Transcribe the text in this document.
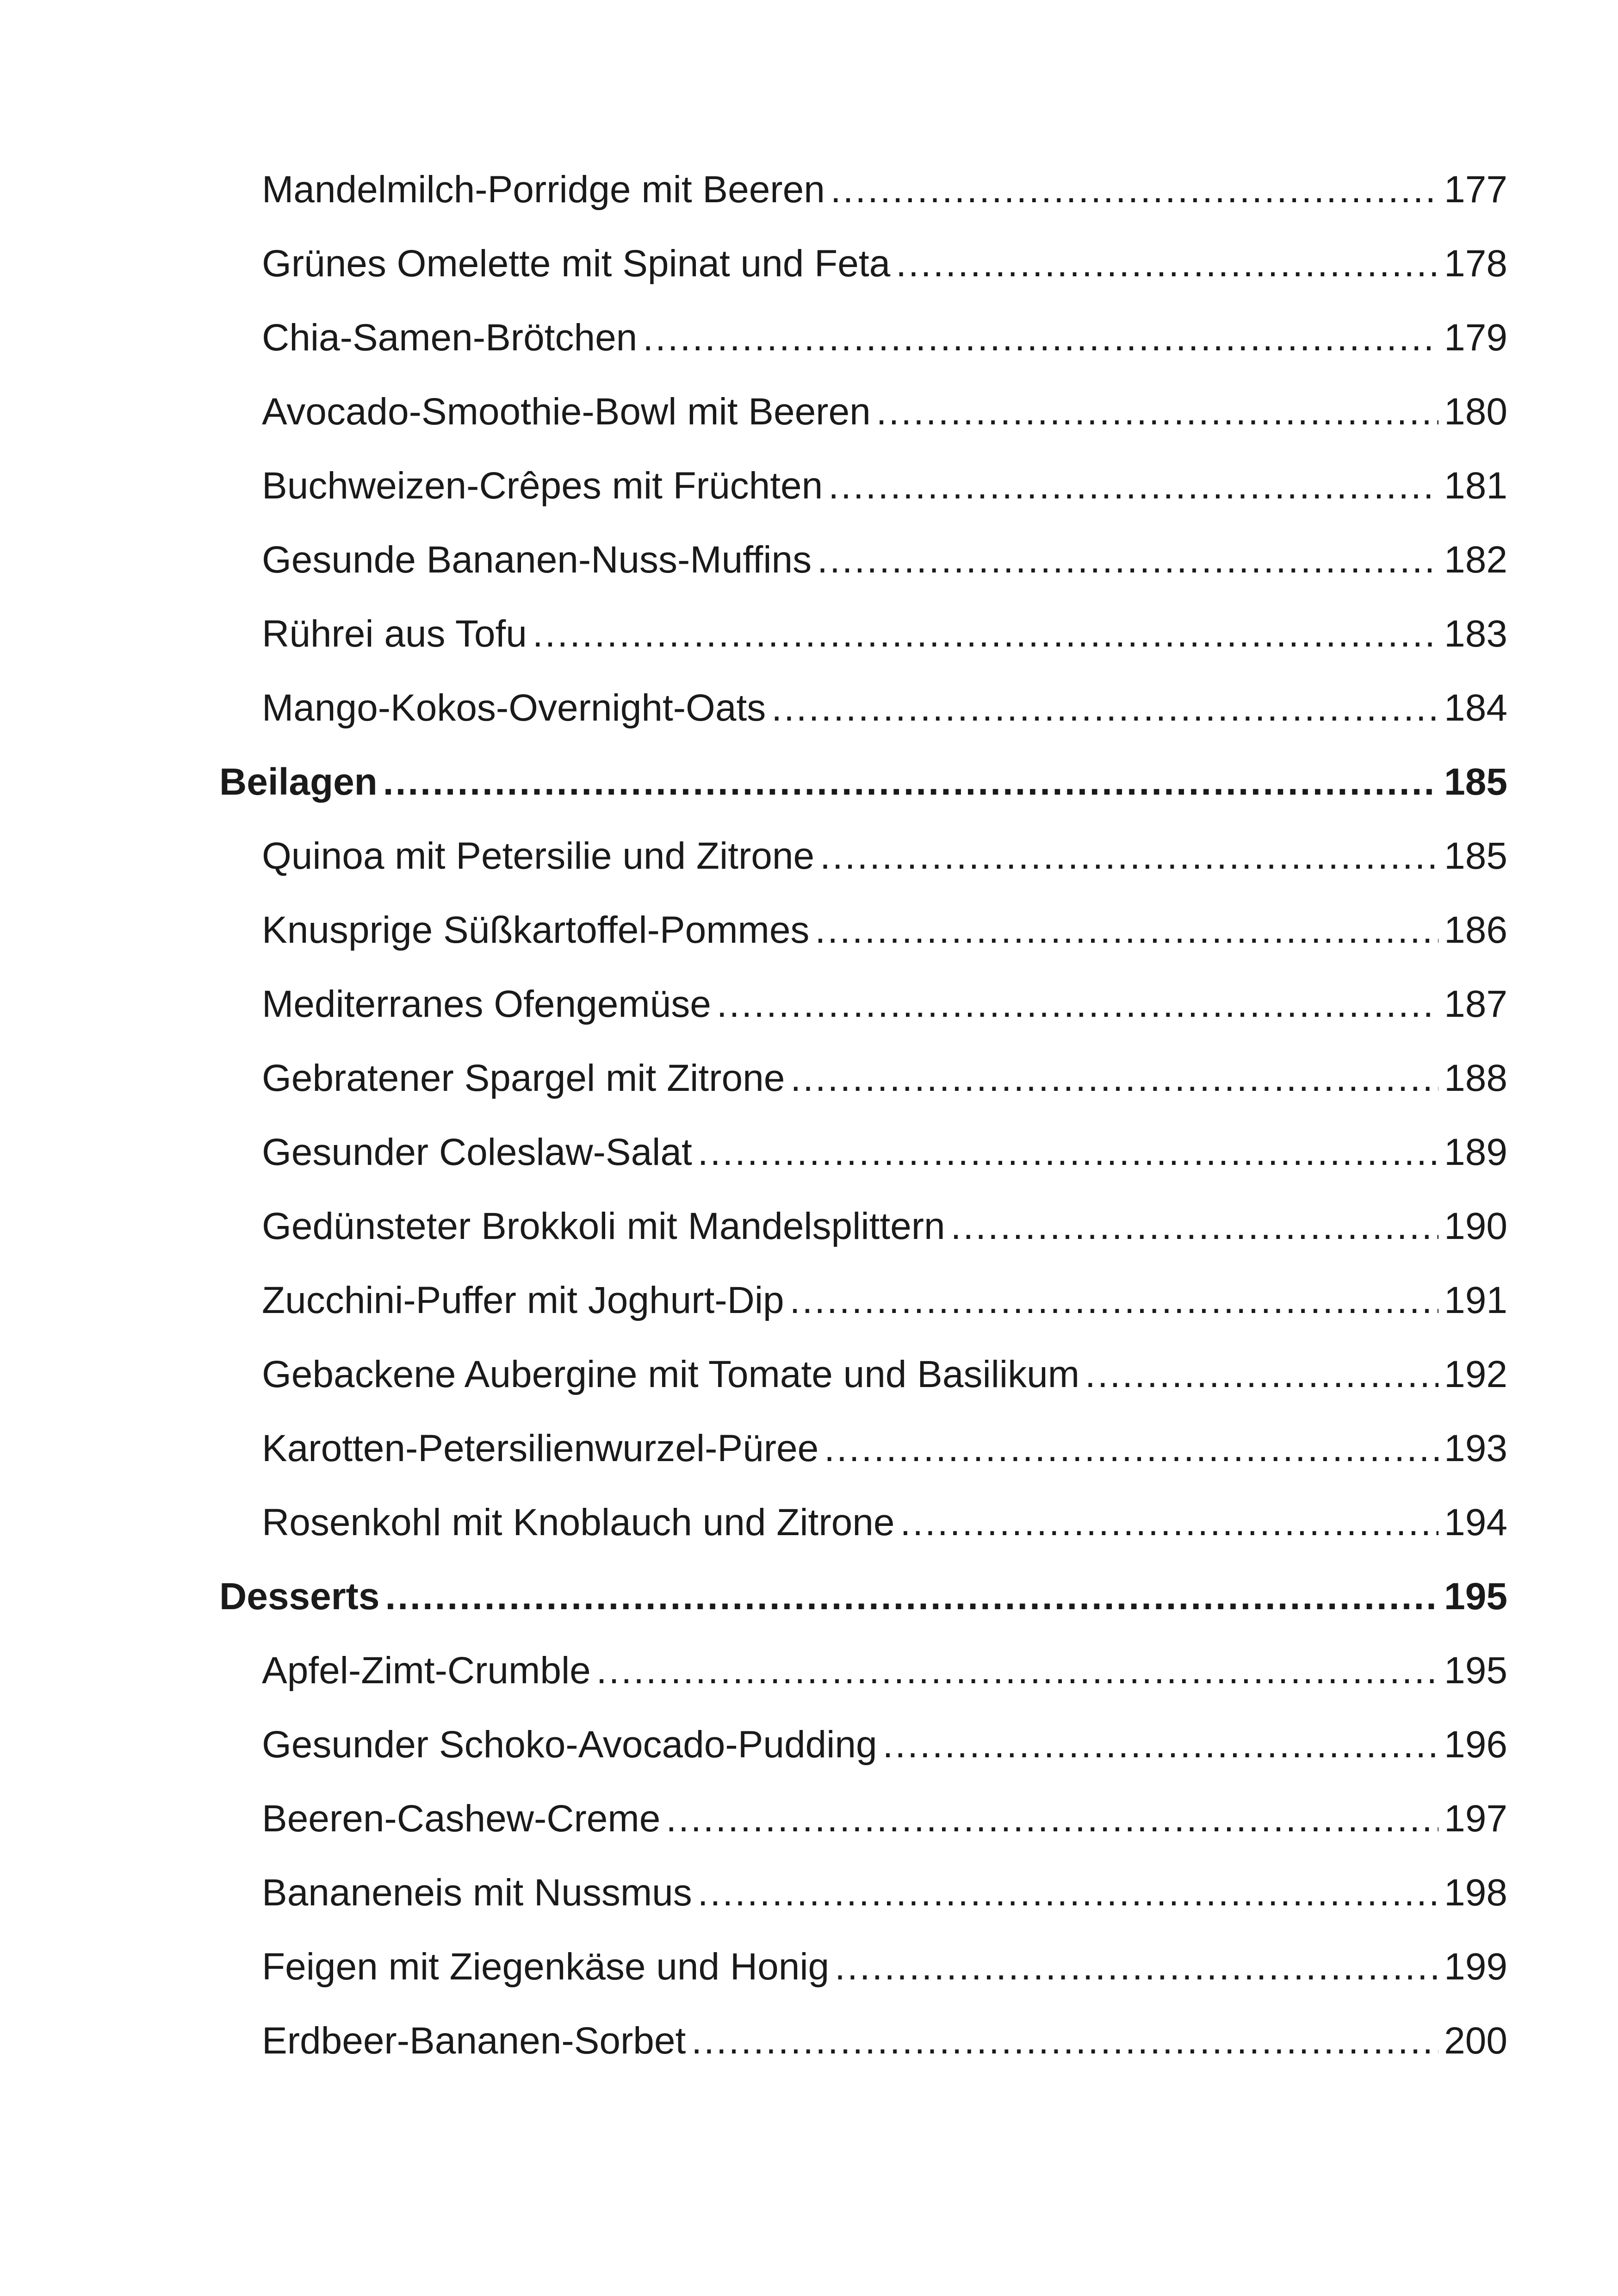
Mandelmilch-Porridge mit Beeren .....	177
Grünes Omelette mit Spinat und Feta .....	178
Chia-Samen-Brötchen .....	179
Avocado-Smoothie-Bowl mit Beeren .....	180
Buchweizen-Crêpes mit Früchten .....	181
Gesunde Bananen-Nuss-Muffins .....	182
Rührei aus Tofu .....	183
Mango-Kokos-Overnight-Oats .....	184
Beilagen .....	185
Quinoa mit Petersilie und Zitrone .....	185
Knusprige Süßkartoffel-Pommes .....	186
Mediterranes Ofengemüse .....	187
Gebratener Spargel mit Zitrone .....	188
Gesunder Coleslaw-Salat .....	189
Gedünsteter Brokkoli mit Mandelsplittern .....	190
Zucchini-Puffer mit Joghurt-Dip .....	191
Gebackene Aubergine mit Tomate und Basilikum .....	192
Karotten-Petersilienwurzel-Püree .....	193
Rosenkohl mit Knoblauch und Zitrone .....	194
Desserts .....	195
Apfel-Zimt-Crumble .....	195
Gesunder Schoko-Avocado-Pudding .....	196
Beeren-Cashew-Creme .....	197
Bananeneis mit Nussmus .....	198
Feigen mit Ziegenkäse und Honig .....	199
Erdbeer-Bananen-Sorbet .....	200
